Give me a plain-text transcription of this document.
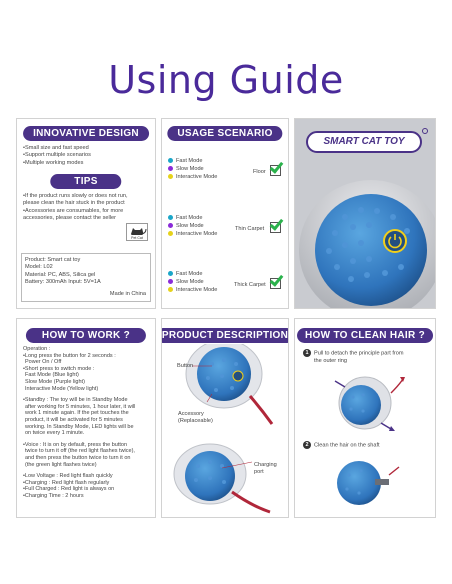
Using Guide
INNOVATIVE DESIGN
•Small size and fast speed
•Support multiple scenarios
•Multiple working modes
TIPS
•If the product runs slowly or does not run,
please clean the hair stuck in the product
•Accessories are consumables, for more
accessories, please contact the seller
Pet Cat
Product: Smart cat toy
Model: L02
Material: PC, ABS, Silica gel
Battery: 300mAh Input: 5V=1A
Made in China
USAGE SCENARIO
Fast Mode
Slow Mode
Interactive Mode
Floor
Fast Mode
Slow Mode
Interactive Mode
Thin Carpet
Fast Mode
Slow Mode
Interactive Mode
Thick Carpet
SMART CAT TOY
HOW TO WORK ?
Operation :
•Long press the button for 2 seconds :
Power On / Off
•Short press to switch mode :
Fast Mode (Blue light)
Slow Mode (Purple light)
Interactive Mode (Yellow light)
•Standby : The toy will be in Standby Mode
after working for 5 minutes, 1 hour later, it will
work 1 minute again. If the pet touches the
product, it will be activated for 5 minutes
working. In Standby Mode, LED lights will be
on twice every 1 minute.
•Voice : It is on by default, press the button
twice to turn it off (the red light flashes twice),
and then press the button twice to turn it on
(the green light flashes twice)
•Low Voltage : Red light flash quickly
•Charging : Red light flash regularly
•Full Charged : Red light is always on
•Charging Time : 2 hours
PRODUCT DESCRIPTION
Button
Accessory
(Replaceable)
Charging
port
HOW TO CLEAN HAIR ?
1 Pull to detach the principle part from
the outer ring
2 Clean the hair on the shaft
